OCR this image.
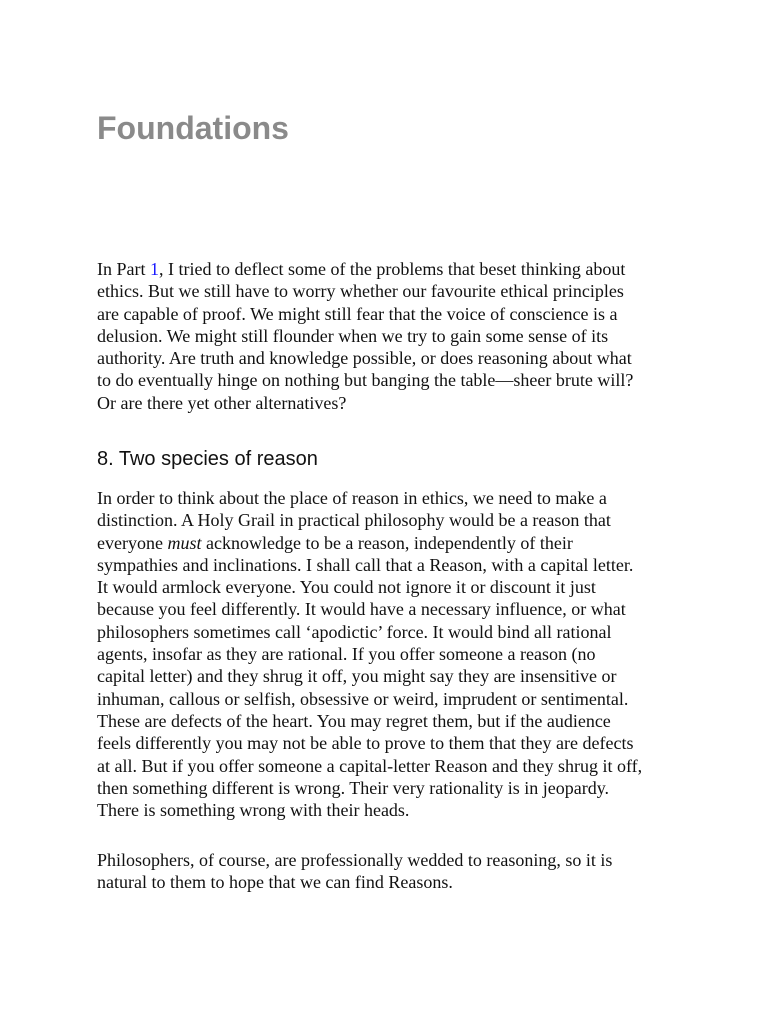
Foundations

In Part 1, I tried to deflect some of the problems that beset thinking about
ethics. But we still have to worry whether our favourite ethical principles
are capable of proof. We might still fear that the voice of conscience is a
delusion. We might still flounder when we try to gain some sense of its
authority. Are truth and knowledge possible, or does reasoning about what
to do eventually hinge on nothing but banging the table—sheer brute will?
Or are there yet other alternatives?

8. Two species of reason

In order to think about the place of reason in ethics, we need to make a
distinction. A Holy Grail in practical philosophy would be a reason that
everyone must acknowledge to be a reason, independently of their
sympathies and inclinations. I shall call that a Reason, with a capital letter.
It would armlock everyone. You could not ignore it or discount it just
because you feel differently. It would have a necessary influence, or what
philosophers sometimes call ‘apodictic’ force. It would bind all rational
agents, insofar as they are rational. If you offer someone a reason (no
capital letter) and they shrug it off, you might say they are insensitive or
inhuman, callous or selfish, obsessive or weird, imprudent or sentimental.
These are defects of the heart. You may regret them, but if the audience
feels differently you may not be able to prove to them that they are defects
at all. But if you offer someone a capital-letter Reason and they shrug it off,
then something different is wrong. Their very rationality is in jeopardy.
There is something wrong with their heads.

Philosophers, of course, are professionally wedded to reasoning, so it is
natural to them to hope that we can find Reasons.
